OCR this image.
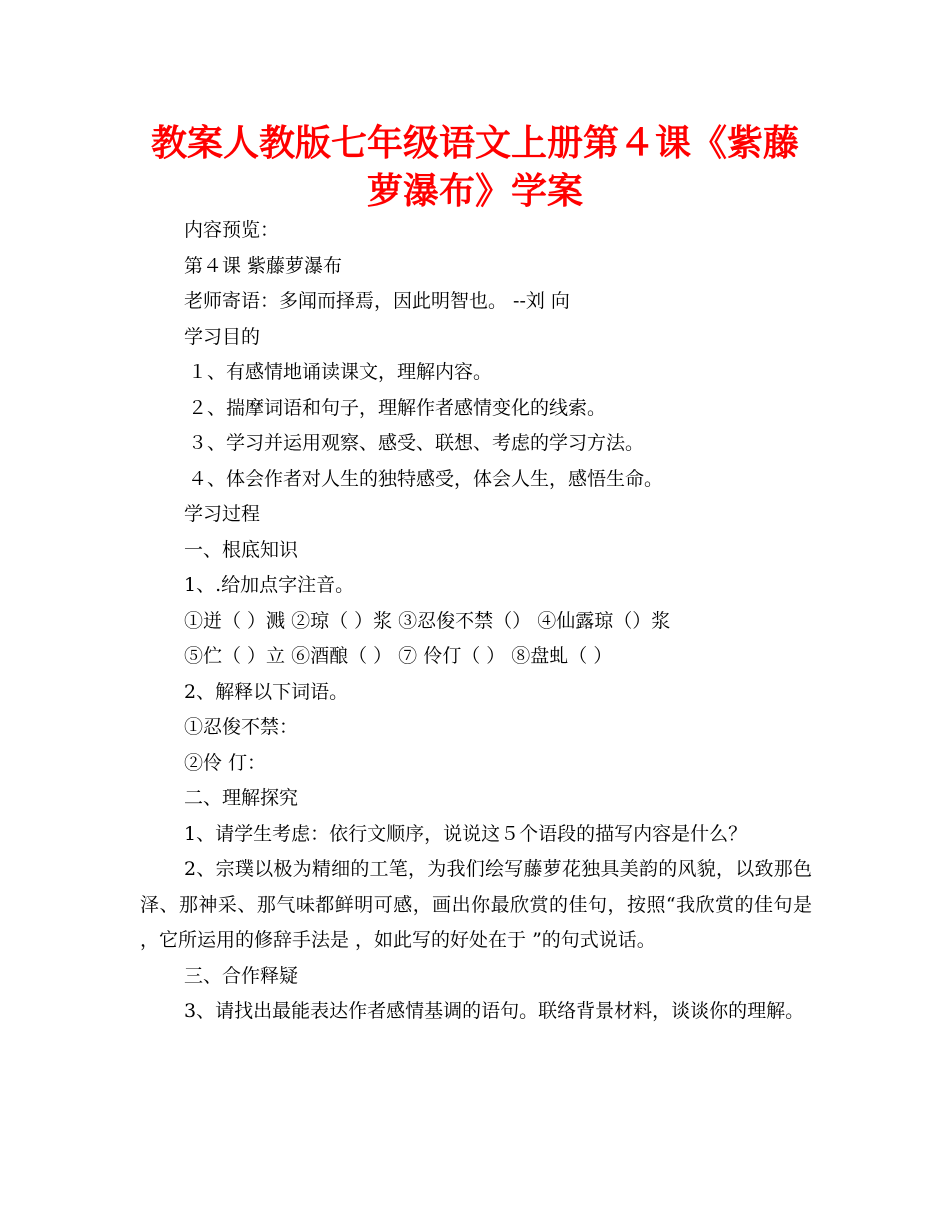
教案人教版七年级语文上册第４课《紫藤萝瀑布》学案
内容预览：
第４课 紫藤萝瀑布
老师寄语：多闻而择焉，因此明智也。 --刘 向
学习目的
１、有感情地诵读课文，理解内容。
２、揣摩词语和句子，理解作者感情变化的线索。
３、学习并运用观察、感受、联想、考虑的学习方法。
４、体会作者对人生的独特感受，体会人生，感悟生命。
学习过程
一、根底知识
1、.给加点字注音。
①迸（ ）溅 ②琼（ ）浆 ③忍俊不禁（） ④仙露琼（）浆
⑤伫（ ）立 ⑥酒酿（ ） ⑦ 伶仃（ ） ⑧盘虬（ ）
2、解释以下词语。
①忍俊不禁：
②伶 仃：
二、理解探究
1、请学生考虑：依行文顺序，说说这５个语段的描写内容是什么？
2、宗璞以极为精细的工笔，为我们绘写藤萝花独具美韵的风貌，以致那色泽、那神采、那气味都鲜明可感，画出你最欣赏的佳句，按照“我欣赏的佳句是 ，它所运用的修辞手法是 ，如此写的好处在于 ”的句式说话。
三、合作释疑
3、请找出最能表达作者感情基调的语句。联络背景材料，谈谈你的理解。
